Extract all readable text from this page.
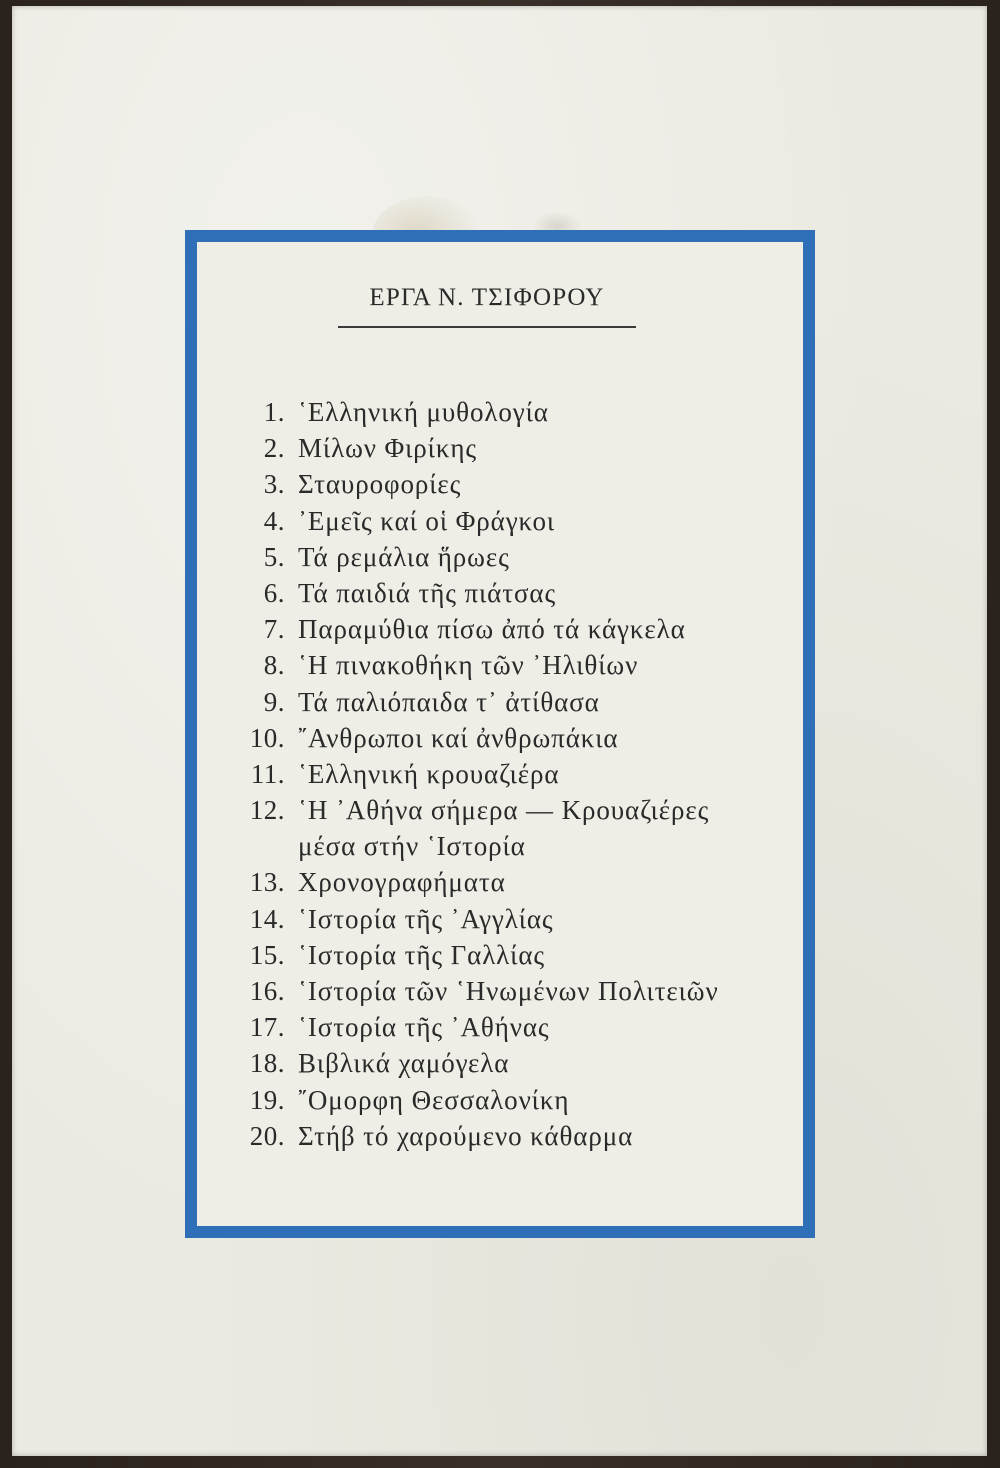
ΕΡΓΑ Ν. ΤΣΙΦΟΡΟΥ
1. ῾Ελληνική μυθολογία
2. Μίλων Φιρίκης
3. Σταυροφορίες
4. ᾿Εμεῖς καί οἱ Φράγκοι
5. Τά ρεμάλια ἥρωες
6. Τά παιδιά τῆς πιάτσας
7. Παραμύθια πίσω ἀπό τά κάγκελα
8. ῾Η πινακοθήκη τῶν ᾿Ηλιθίων
9. Τά παλιόπαιδα τ᾿ ἀτίθασα
10. ῎Ανθρωποι καί ἀνθρωπάκια
11. ῾Ελληνική κρουαζιέρα
12. ῾Η ᾿Αθήνα σήμερα — Κρουαζιέρες
μέσα στήν ῾Ιστορία
13. Χρονογραφήματα
14. ῾Ιστορία τῆς ᾿Αγγλίας
15. ῾Ιστορία τῆς Γαλλίας
16. ῾Ιστορία τῶν ῾Ηνωμένων Πολιτειῶν
17. ῾Ιστορία τῆς ᾿Αθήνας
18. Βιβλικά χαμόγελα
19. ῎Ομορφη Θεσσαλονίκη
20. Στήβ τό χαρούμενο κάθαρμα
